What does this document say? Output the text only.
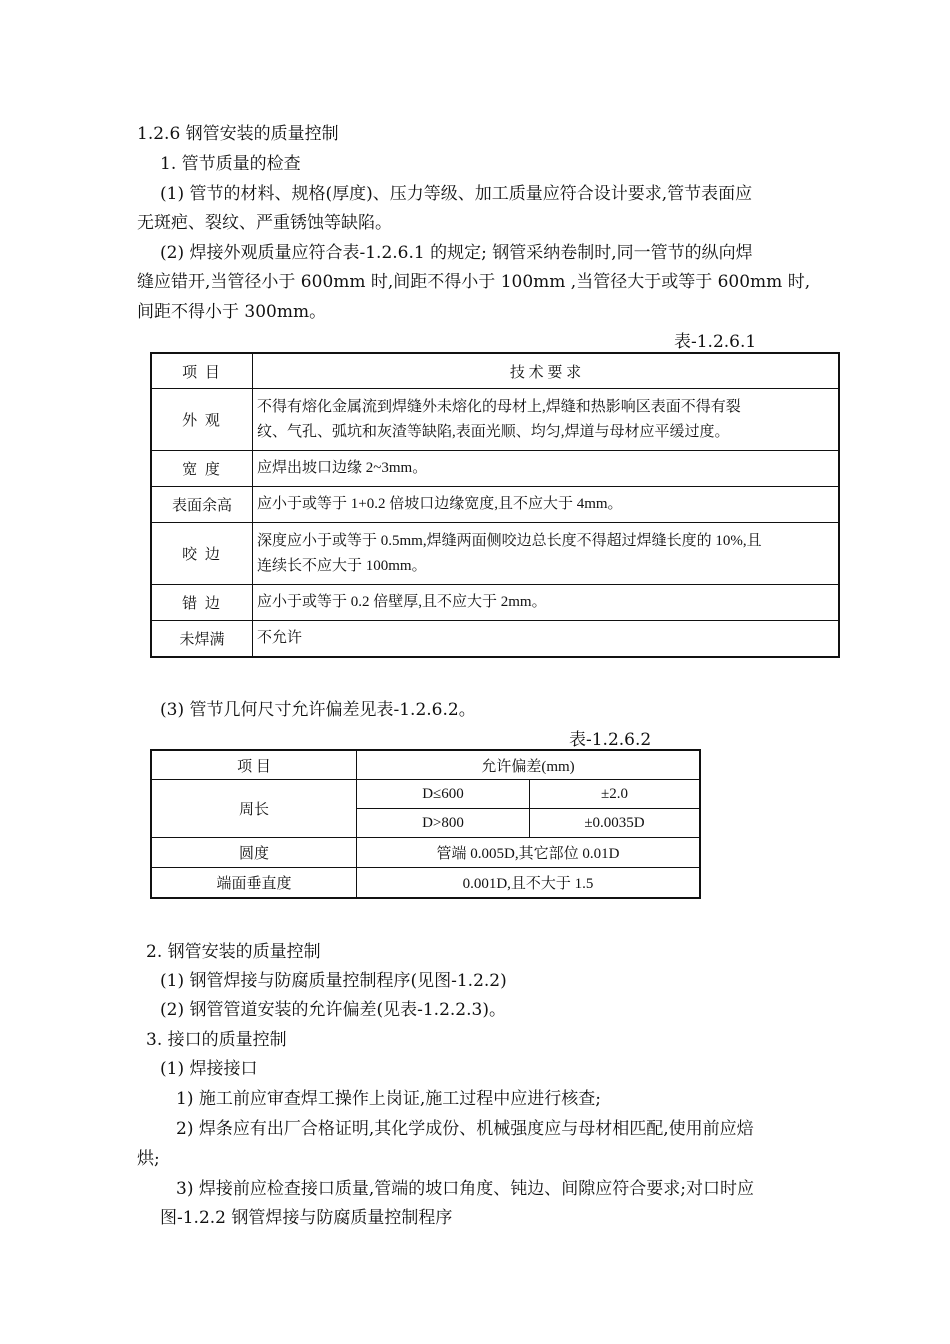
1.2.6 钢管安装的质量控制
1. 管节质量的检查
(1) 管节的材料、规格(厚度)、压力等级、加工质量应符合设计要求,管节表面应
无斑疤、裂纹、严重锈蚀等缺陷。
(2) 焊接外观质量应符合表-1.2.6.1 的规定; 钢管采纳卷制时,同一管节的纵向焊
缝应错开,当管径小于 600mm 时,间距不得小于 100mm ,当管径大于或等于 600mm 时,
间距不得小于 300mm。
表-1.2.6.1
项 目	技 术 要 求
外 观	不得有熔化金属流到焊缝外未熔化的母材上,焊缝和热影响区表面不得有裂
纹、气孔、弧坑和灰渣等缺陷,表面光顺、均匀,焊道与母材应平缓过度。

宽 度	应焊出坡口边缘 2~3mm。
表面余高	应小于或等于 1+0.2 倍坡口边缘宽度,且不应大于 4mm。
咬 边	深度应小于或等于 0.5mm,焊缝两面侧咬边总长度不得超过焊缝长度的 10%,且
连续长不应大于 100mm。

错 边	应小于或等于 0.2 倍壁厚,且不应大于 2mm。
未焊满	不允许
(3) 管节几何尺寸允许偏差见表-1.2.6.2。
表-1.2.6.2
项 目	允许偏差(mm)	
周长	D≤600	±2.0
	D>800	±0.0035D
圆度	管端 0.005D,其它部位 0.01D	
端面垂直度	0.001D,且不大于 1.5	
2. 钢管安装的质量控制
(1) 钢管焊接与防腐质量控制程序(见图-1.2.2)
(2) 钢管管道安装的允许偏差(见表-1.2.2.3)。
3. 接口的质量控制
(1) 焊接接口
1) 施工前应审查焊工操作上岗证,施工过程中应进行核查;
2) 焊条应有出厂合格证明,其化学成份、机械强度应与母材相匹配,使用前应焙
烘;
3) 焊接前应检查接口质量,管端的坡口角度、钝边、间隙应符合要求;对口时应
图-1.2.2 钢管焊接与防腐质量控制程序
